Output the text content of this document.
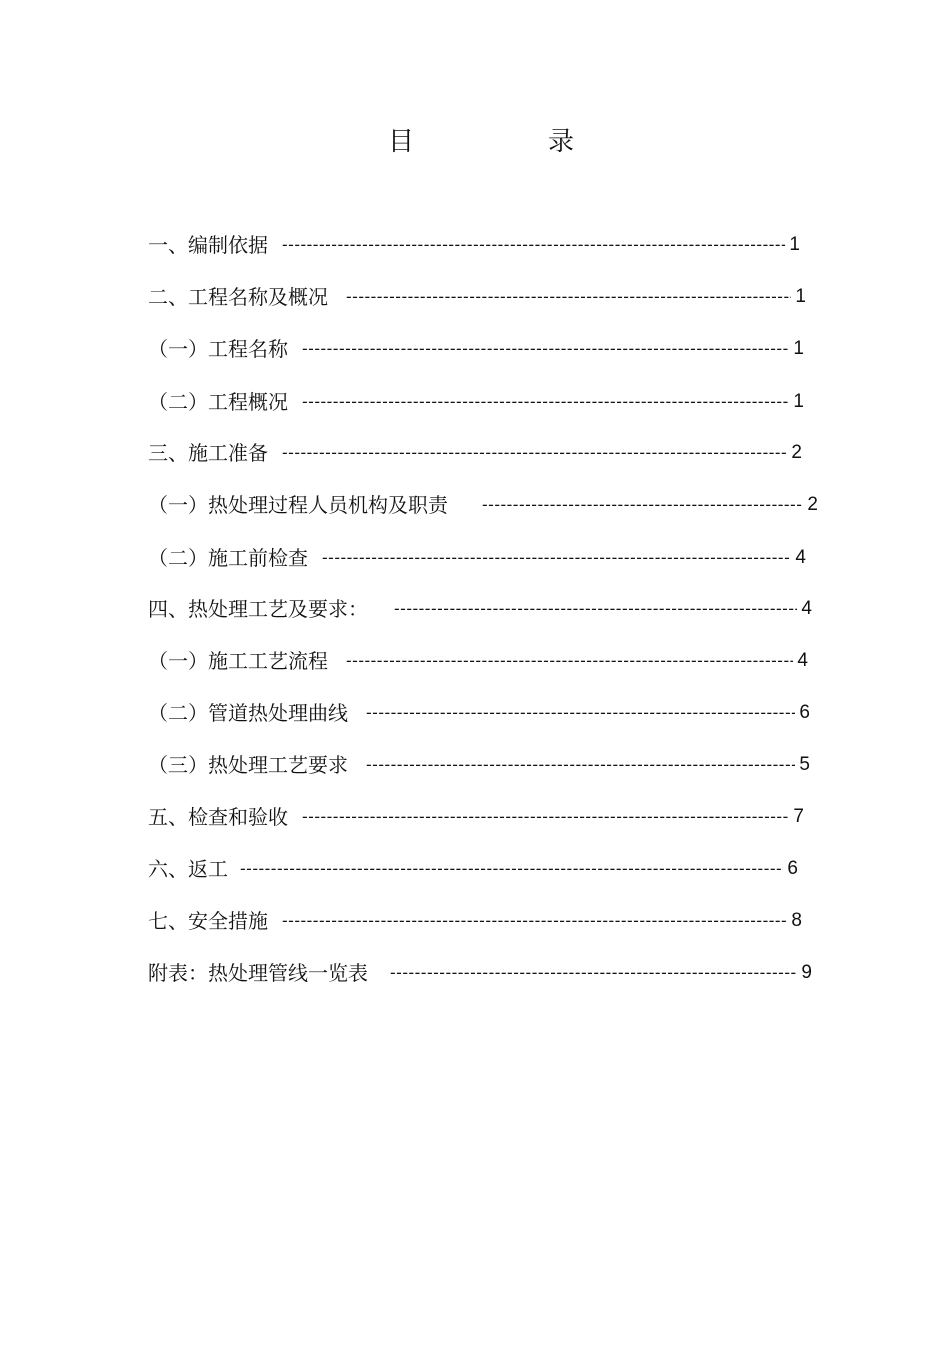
目	录
一、编制依据 -----	1
二、工程名称及概况 -----	1
（一）工程名称 -----	1
（二）工程概况 -----	1
三、施工准备 -----	2
（一）热处理过程人员机构及职责 -----	2
（二）施工前检查 -----	4
四、热处理工艺及要求： -----	4
（一）施工工艺流程 -----	4
（二）管道热处理曲线 -----	6
（三）热处理工艺要求 -----	5
五、检查和验收 -----	7
六、返工 -----	6
七、安全措施 -----	8
附表：热处理管线一览表 -----	9
